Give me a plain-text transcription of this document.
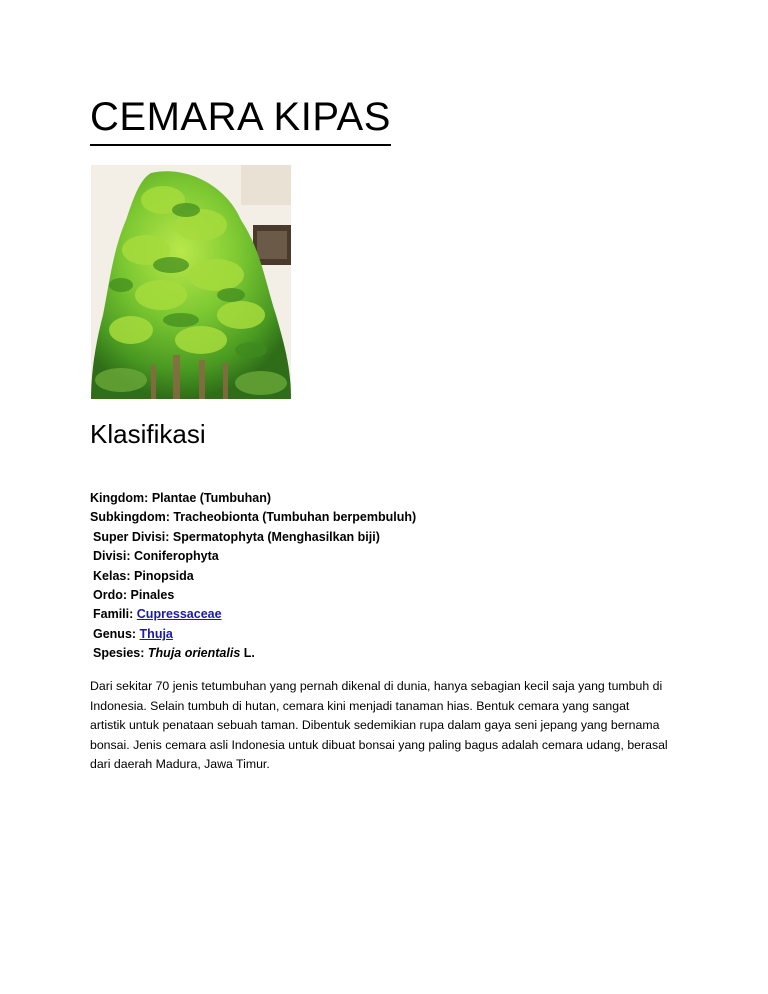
CEMARA KIPAS
Klasifikasi
Kingdom: Plantae (Tumbuhan)
Subkingdom: Tracheobionta (Tumbuhan berpembuluh)
Super Divisi: Spermatophyta (Menghasilkan biji)
Divisi: Coniferophyta
Kelas: Pinopsida
Ordo: Pinales
Famili: Cupressaceae
Genus: Thuja
Spesies: Thuja orientalis L.

Dari sekitar 70 jenis tetumbuhan yang pernah dikenal di dunia, hanya sebagian kecil saja yang tumbuh di
Indonesia. Selain tumbuh di hutan, cemara kini menjadi tanaman hias. Bentuk cemara yang sangat
artistik untuk penataan sebuah taman. Dibentuk sedemikian rupa dalam gaya seni jepang yang bernama
bonsai. Jenis cemara asli Indonesia untuk dibuat bonsai yang paling bagus adalah cemara udang, berasal
dari daerah Madura, Jawa Timur.
